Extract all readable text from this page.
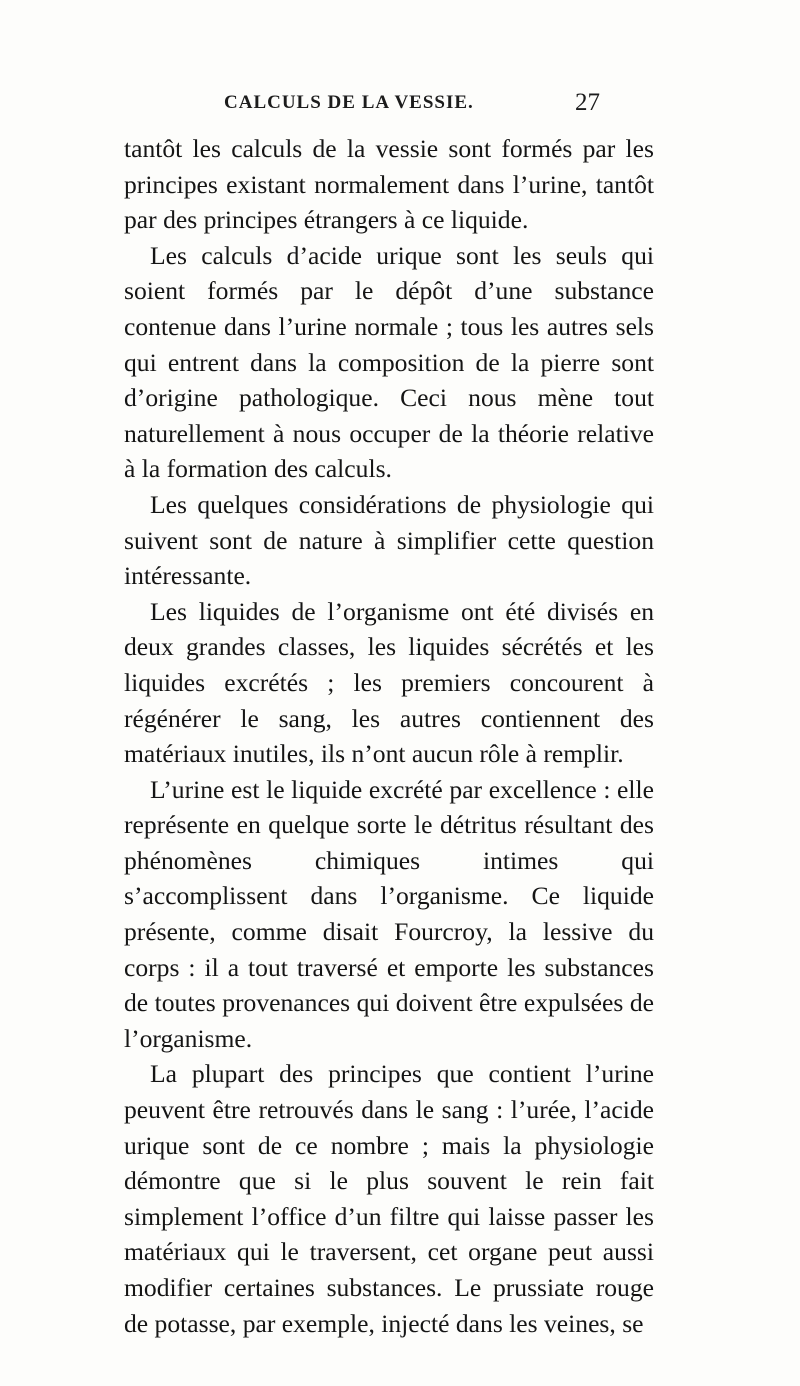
CALCULS DE LA VESSIE.	27

tantôt les calculs de la vessie sont formés par les principes existant normalement dans l’urine, tantôt par des principes étrangers à ce liquide.

Les calculs d’acide urique sont les seuls qui soient formés par le dépôt d’une substance contenue dans l’urine normale ; tous les autres sels qui entrent dans la composition de la pierre sont d’origine pathologique. Ceci nous mène tout naturellement à nous occuper de la théorie relative à la formation des calculs.

Les quelques considérations de physiologie qui suivent sont de nature à simplifier cette question intéressante.

Les liquides de l’organisme ont été divisés en deux grandes classes, les liquides sécrétés et les liquides excrétés ; les premiers concourent à régénérer le sang, les autres contiennent des matériaux inutiles, ils n’ont aucun rôle à remplir.

L’urine est le liquide excrété par excellence : elle représente en quelque sorte le détritus résultant des phénomènes chimiques intimes qui s’accomplissent dans l’organisme. Ce liquide présente, comme disait Fourcroy, la lessive du corps : il a tout traversé et emporte les substances de toutes provenances qui doivent être expulsées de l’organisme.

La plupart des principes que contient l’urine peuvent être retrouvés dans le sang : l’urée, l’acide urique sont de ce nombre ; mais la physiologie démontre que si le plus souvent le rein fait simplement l’office d’un filtre qui laisse passer les matériaux qui le traversent, cet organe peut aussi modifier certaines substances. Le prussiate rouge de potasse, par exemple, injecté dans les veines, se
